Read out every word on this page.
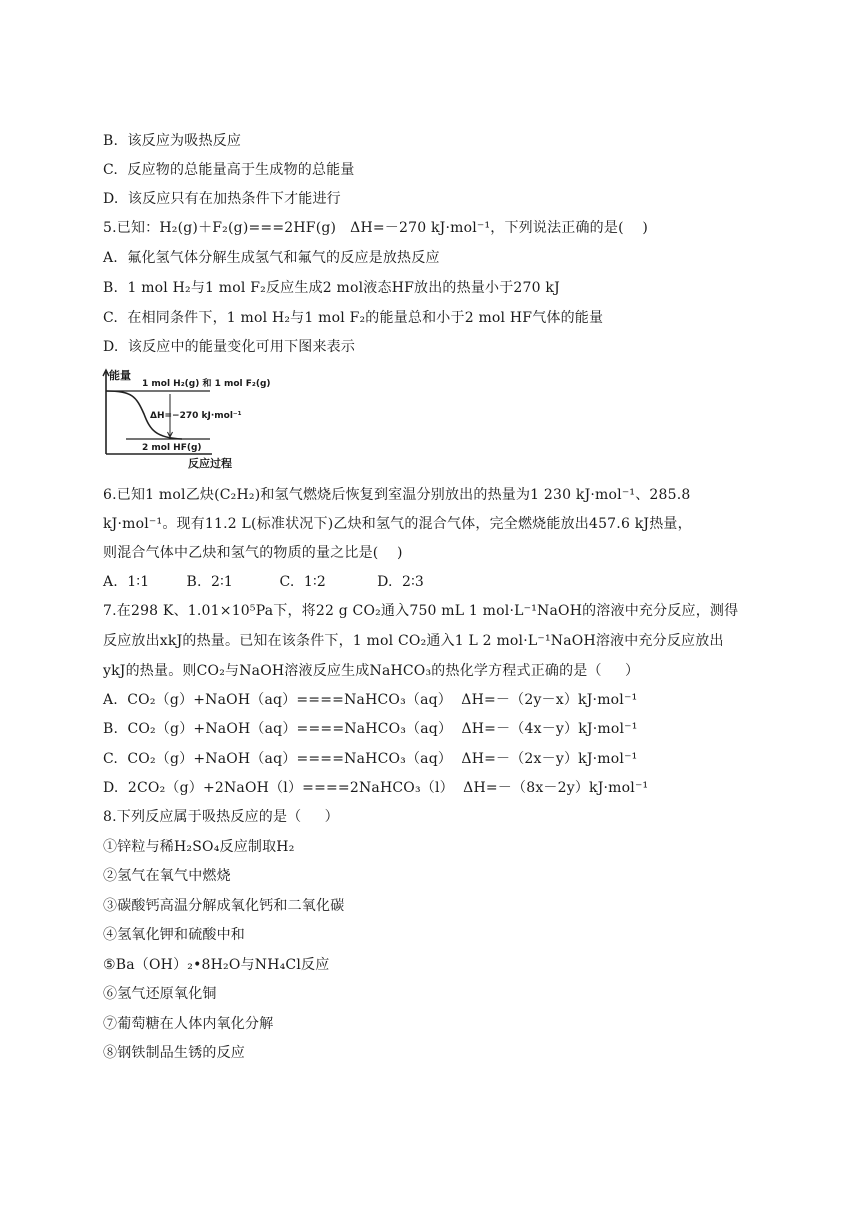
B.  该反应为吸热反应
C.  反应物的总能量高于生成物的总能量
D.  该反应只有在加热条件下才能进行
5.已知：H₂(g)＋F₂(g)===2HF(g)   ΔH=－270 kJ·mol⁻¹，下列说法正确的是(    )
A.  氟化氢气体分解生成氢气和氟气的反应是放热反应
B.  1 mol H₂与1 mol F₂反应生成2 mol液态HF放出的热量小于270 kJ
C.  在相同条件下，1 mol H₂与1 mol F₂的能量总和小于2 mol HF气体的能量
D.  该反应中的能量变化可用下图来表示
能量
1 mol H₂(g) 和 1 mol F₂(g)
ΔH=−270 kJ·mol⁻¹
2 mol HF(g)
反应过程
6.已知1 mol乙炔(C₂H₂)和氢气燃烧后恢复到室温分别放出的热量为1 230 kJ·mol⁻¹、285.8
kJ·mol⁻¹。现有11.2 L(标准状况下)乙炔和氢气的混合气体，完全燃烧能放出457.6 kJ热量，
则混合气体中乙炔和氢气的物质的量之比是(    )
A.  1∶1        B.  2∶1          C.  1∶2           D.  2∶3
7.在298 K、1.01×10⁵Pa下，将22 g CO₂通入750 mL 1 mol·L⁻¹NaOH的溶液中充分反应，测得
反应放出xkJ的热量。已知在该条件下，1 mol CO₂通入1 L 2 mol·L⁻¹NaOH溶液中充分反应放出
ykJ的热量。则CO₂与NaOH溶液反应生成NaHCO₃的热化学方程式正确的是（     ）
A.  CO₂（g）+NaOH（aq）====NaHCO₃（aq）  ΔH=－（2y－x）kJ·mol⁻¹
B.  CO₂（g）+NaOH（aq）====NaHCO₃（aq）  ΔH=－（4x－y）kJ·mol⁻¹
C.  CO₂（g）+NaOH（aq）====NaHCO₃（aq）  ΔH=－（2x－y）kJ·mol⁻¹
D.  2CO₂（g）+2NaOH（l）====2NaHCO₃（l）  ΔH=－（8x－2y）kJ·mol⁻¹
8.下列反应属于吸热反应的是（     ）
①锌粒与稀H₂SO₄反应制取H₂
②氢气在氧气中燃烧
③碳酸钙高温分解成氧化钙和二氧化碳
④氢氧化钾和硫酸中和
⑤Ba（OH）₂•8H₂O与NH₄Cl反应
⑥氢气还原氧化铜
⑦葡萄糖在人体内氧化分解
⑧钢铁制品生锈的反应
